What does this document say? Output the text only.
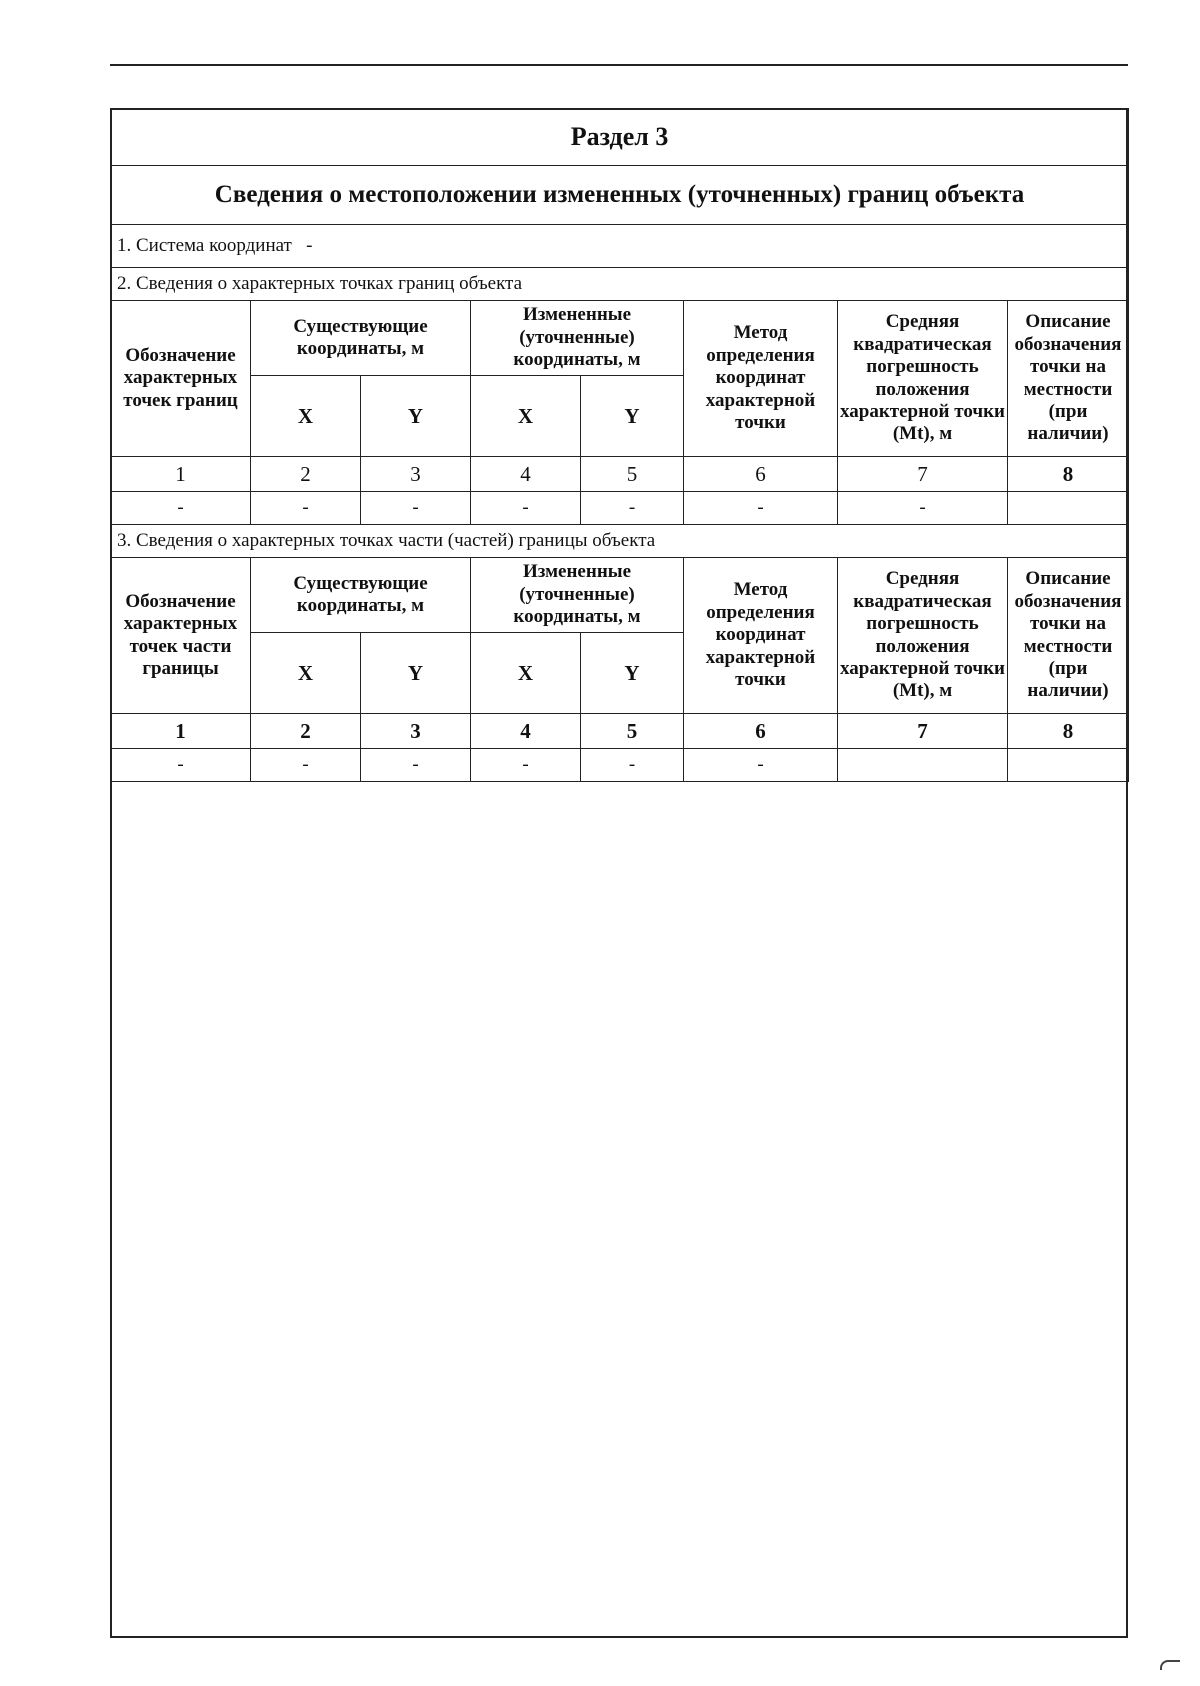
Раздел 3							
Сведения о местоположении измененных (уточненных) границ объекта							
1. Система координат -							
2. Сведения о характерных точках границ объекта							
Обозначение характерных точек границ	Существующие координаты, м		Измененные (уточненные) координаты, м		Метод определения координат характерной точки	Средняя квадратическая погрешность положения характерной точки (Mt), м	Описание обозначения точки на местности (при наличии)
	X	Y	X	Y			
1	2	3	4	5	6	7	8
-	-	-	-	-	-	-	
3. Сведения о характерных точках части (частей) границы объекта							
Обозначение характерных точек части границы	Существующие координаты, м		Измененные (уточненные) координаты, м		Метод определения координат характерной точки	Средняя квадратическая погрешность положения характерной точки (Mt), м	Описание обозначения точки на местности (при наличии)
	X	Y	X	Y			
1	2	3	4	5	6	7	8
-	-	-	-	-	-		
